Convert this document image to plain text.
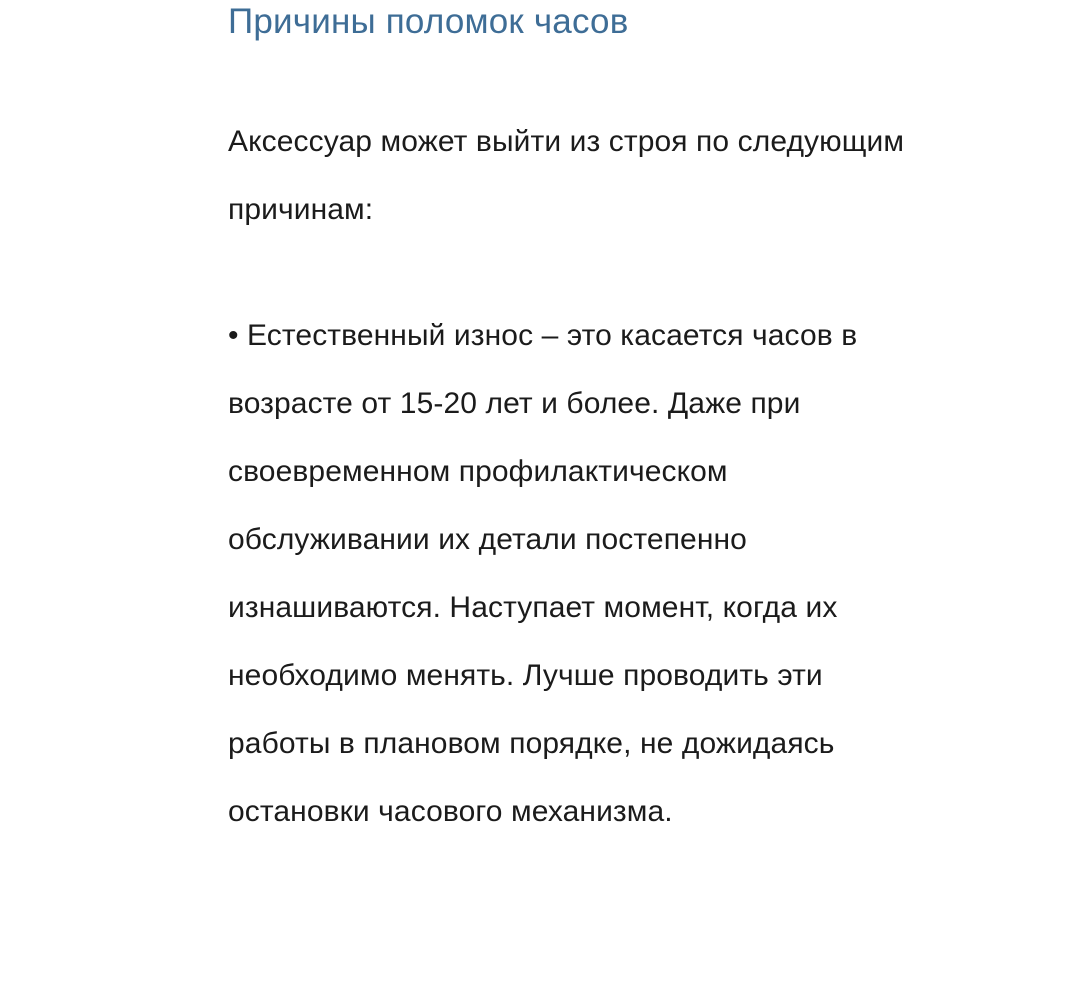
Причины поломок часов

Аксессуар может выйти из строя по следующим причинам:

• Естественный износ – это касается часов в возрасте от 15-20 лет и более. Даже при своевременном профилактическом обслуживании их детали постепенно изнашиваются. Наступает момент, когда их необходимо менять. Лучше проводить эти работы в плановом порядке, не дожидаясь остановки часового механизма.
